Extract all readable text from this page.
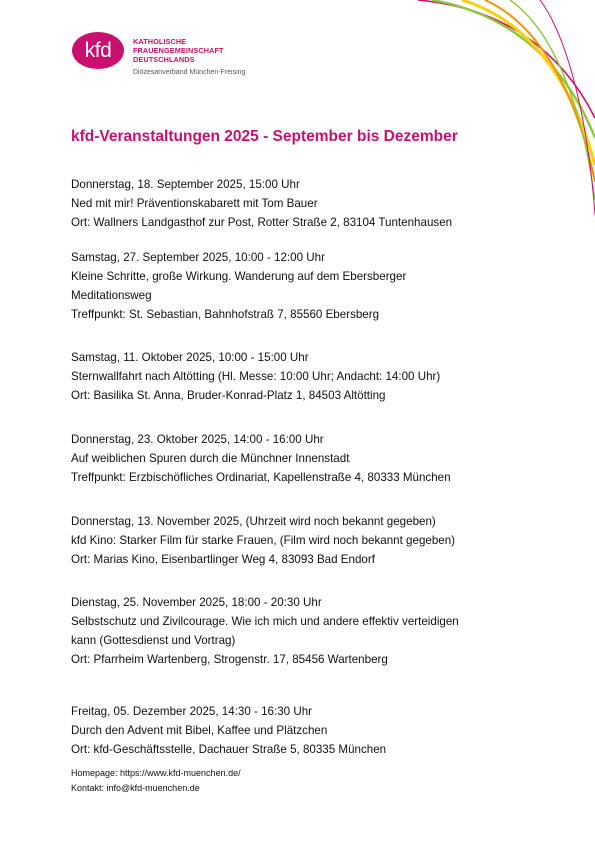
kfd	KATHOLISCHE
FRAUENGEMEINSCHAFT
DEUTSCHLANDS
Diözesanverband München-Freising
kfd-Veranstaltungen 2025 - September bis Dezember
Donnerstag, 18. September 2025, 15:00 Uhr
Ned mit mir! Präventionskabarett mit Tom Bauer
Ort: Wallners Landgasthof zur Post, Rotter Straße 2, 83104 Tuntenhausen
Samstag, 27. September 2025, 10:00 - 12:00 Uhr
Kleine Schritte, große Wirkung. Wanderung auf dem Ebersberger
Meditationsweg
Treffpunkt: St. Sebastian, Bahnhofstraß 7, 85560 Ebersberg
Samstag, 11. Oktober 2025, 10:00 - 15:00 Uhr
Sternwallfahrt nach Altötting (Hl. Messe: 10:00 Uhr; Andacht: 14:00 Uhr)
Ort: Basilika St. Anna, Bruder-Konrad-Platz 1, 84503 Altötting
Donnerstag, 23. Oktober 2025, 14:00 - 16:00 Uhr
Auf weiblichen Spuren durch die Münchner Innenstadt
Treffpunkt: Erzbischöfliches Ordinariat, Kapellenstraße 4, 80333 München
Donnerstag, 13. November 2025, (Uhrzeit wird noch bekannt gegeben)
kfd Kino: Starker Film für starke Frauen, (Film wird noch bekannt gegeben)
Ort: Marias Kino, Eisenbartlinger Weg 4, 83093 Bad Endorf
Dienstag, 25. November 2025, 18:00 - 20:30 Uhr
Selbstschutz und Zivilcourage. Wie ich mich und andere effektiv verteidigen
kann (Gottesdienst und Vortrag)
Ort: Pfarrheim Wartenberg, Strogenstr. 17, 85456 Wartenberg
Freitag, 05. Dezember 2025, 14:30 - 16:30 Uhr
Durch den Advent mit Bibel, Kaffee und Plätzchen
Ort: kfd-Geschäftsstelle, Dachauer Straße 5, 80335 München
Homepage: https://www.kfd-muenchen.de/
Kontakt: info@kfd-muenchen.de
